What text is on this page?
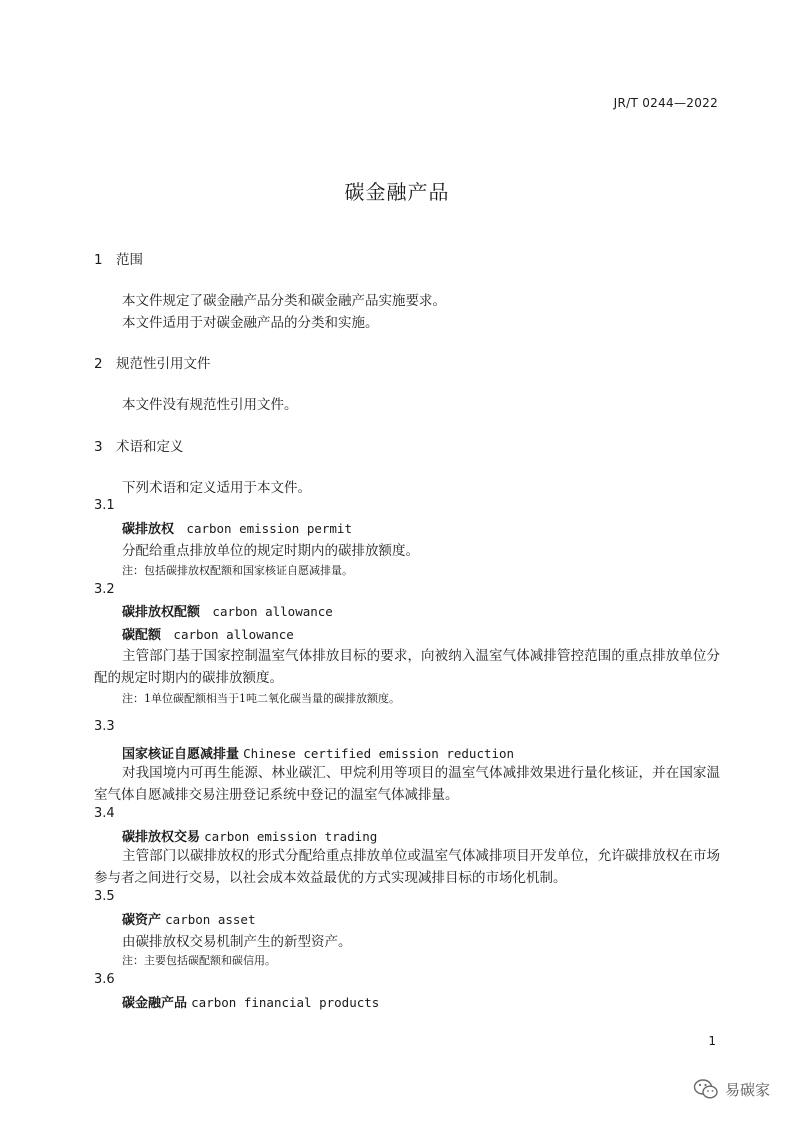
JR/T 0244—2022
碳金融产品
1 范围
本文件规定了碳金融产品分类和碳金融产品实施要求。
本文件适用于对碳金融产品的分类和实施。
2 规范性引用文件
本文件没有规范性引用文件。
3 术语和定义
下列术语和定义适用于本文件。
3.1
碳排放权 carbon emission permit
分配给重点排放单位的规定时期内的碳排放额度。
注：包括碳排放权配额和国家核证自愿减排量。
3.2
碳排放权配额 carbon allowance
碳配额 carbon allowance
主管部门基于国家控制温室气体排放目标的要求，向被纳入温室气体减排管控范围的重点排放单位分配的规定时期内的碳排放额度。
注：1单位碳配额相当于1吨二氧化碳当量的碳排放额度。
3.3
国家核证自愿减排量 Chinese certified emission reduction
对我国境内可再生能源、林业碳汇、甲烷利用等项目的温室气体减排效果进行量化核证，并在国家温室气体自愿减排交易注册登记系统中登记的温室气体减排量。
3.4
碳排放权交易 carbon emission trading
主管部门以碳排放权的形式分配给重点排放单位或温室气体减排项目开发单位，允许碳排放权在市场参与者之间进行交易，以社会成本效益最优的方式实现减排目标的市场化机制。
3.5
碳资产 carbon asset
由碳排放权交易机制产生的新型资产。
注：主要包括碳配额和碳信用。
3.6
碳金融产品 carbon financial products
1
易碳家
